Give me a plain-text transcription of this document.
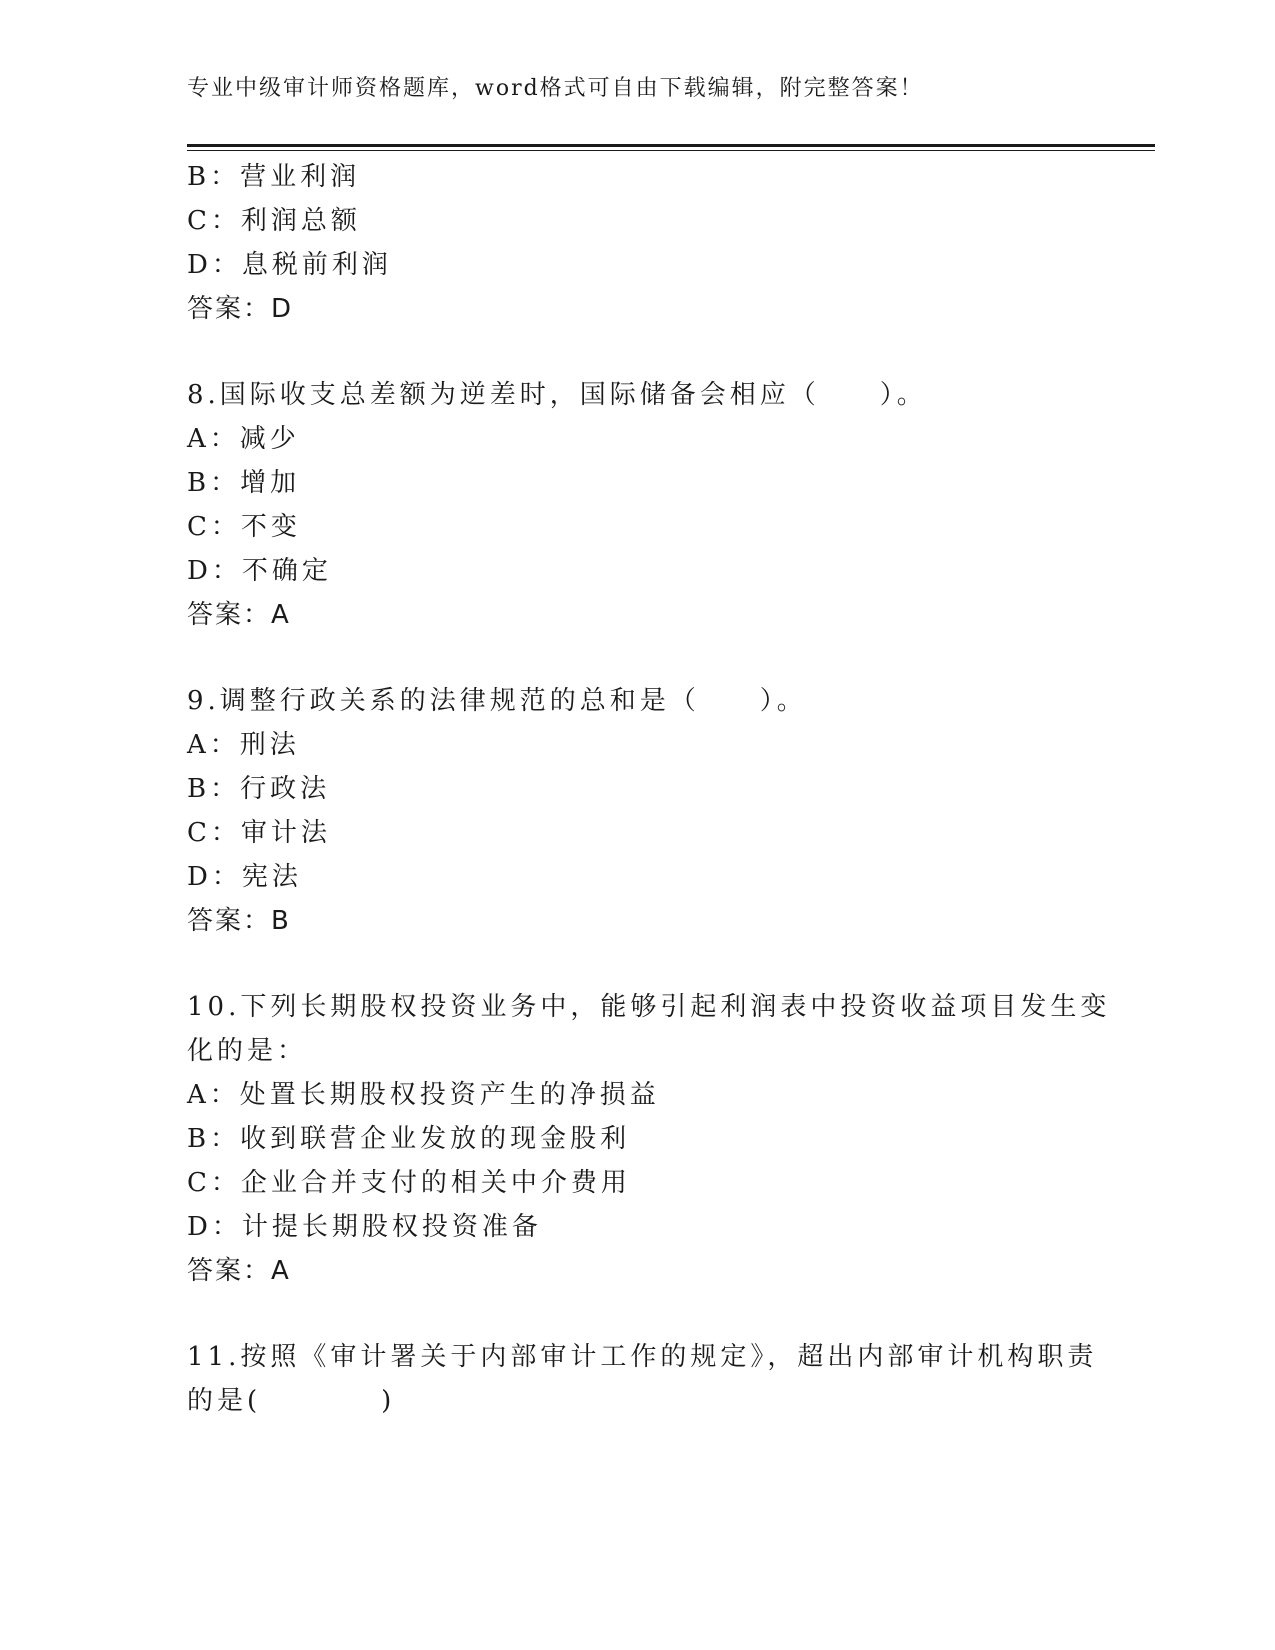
专业中级审计师资格题库，word格式可自由下载编辑，附完整答案！
B：营业利润
C：利润总额
D：息税前利润
答案：D
8.国际收支总差额为逆差时，国际储备会相应（　　）。
A：减少
B：增加
C：不变
D：不确定
答案：A
9.调整行政关系的法律规范的总和是（　　）。
A：刑法
B：行政法
C：审计法
D：宪法
答案：B
10.下列长期股权投资业务中，能够引起利润表中投资收益项目发生变
化的是：
A：处置长期股权投资产生的净损益
B：收到联营企业发放的现金股利
C：企业合并支付的相关中介费用
D：计提长期股权投资准备
答案：A
11.按照《审计署关于内部审计工作的规定》，超出内部审计机构职责
的是(　　　　)
